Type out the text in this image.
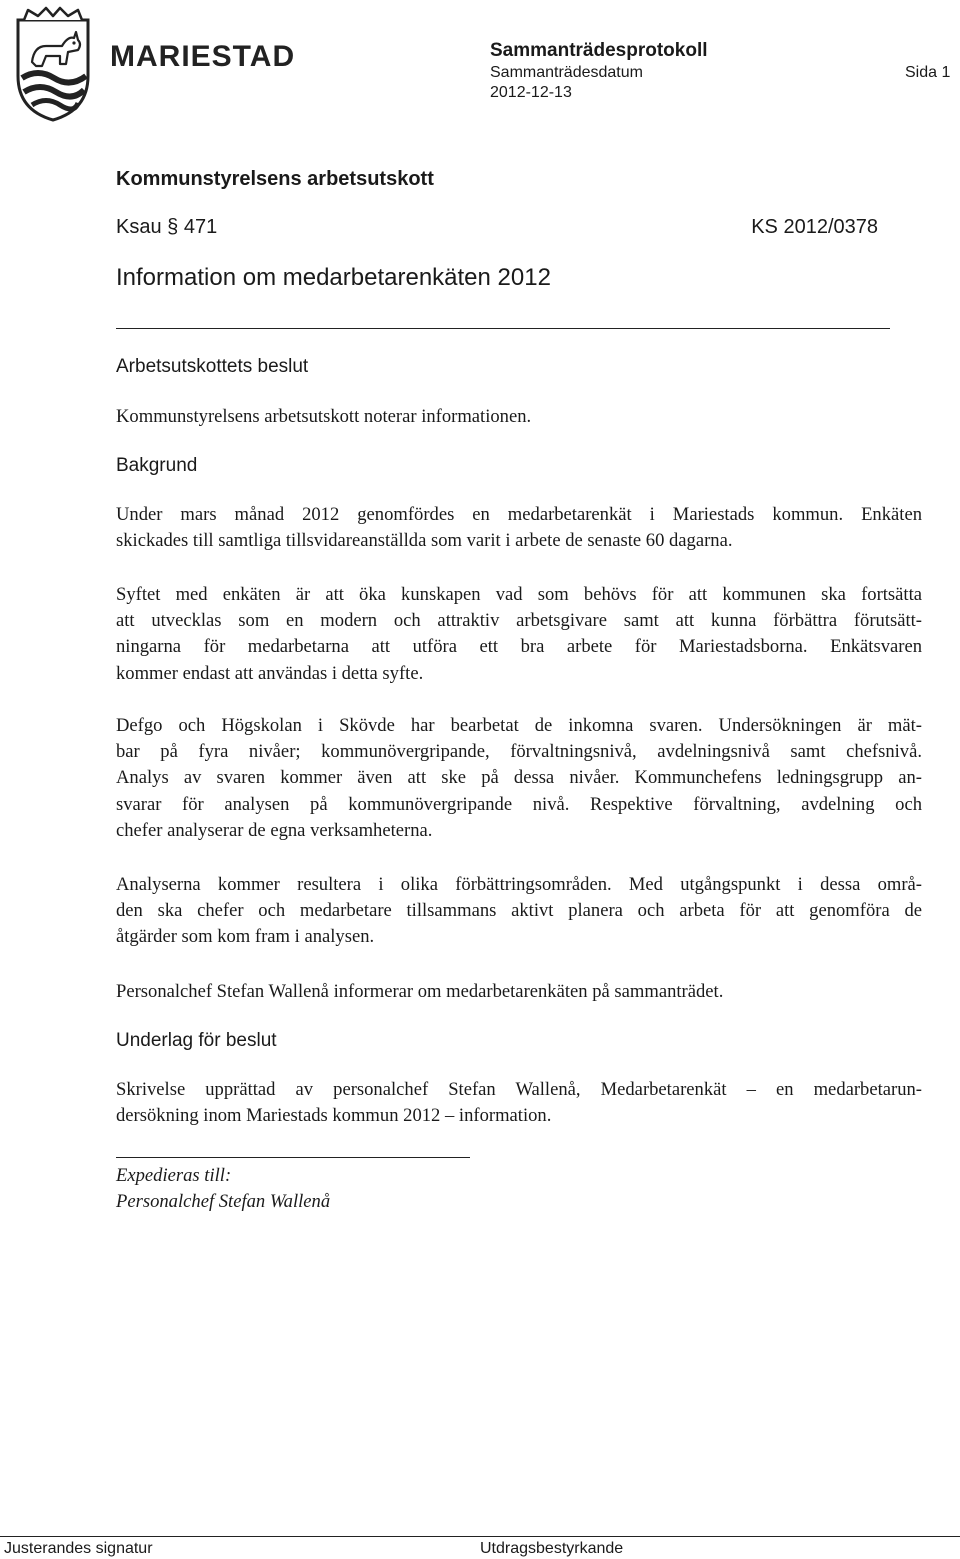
MARIESTAD	Sammanträdesprotokoll
Sammanträdesdatum
2012-12-13
Sida 1
Kommunstyrelsens arbetsutskott
Ksau § 471	KS 2012/0378
Information om medarbetarenkäten 2012
Arbetsutskottets beslut

Kommunstyrelsens arbetsutskott noterar informationen.

Bakgrund

Under mars månad 2012 genomfördes en medarbetarenkät i Mariestads kommun. Enkäten
skickades till samtliga tillsvidareanställda som varit i arbete de senaste 60 dagarna.

Syftet med enkäten är att öka kunskapen vad som behövs för att kommunen ska fortsätta
att utvecklas som en modern och attraktiv arbetsgivare samt att kunna förbättra förutsätt-
ningarna för medarbetarna att utföra ett bra arbete för Mariestadsborna. Enkätsvaren
kommer endast att användas i detta syfte.

Defgo och Högskolan i Skövde har bearbetat de inkomna svaren. Undersökningen är mät-
bar på fyra nivåer; kommunövergripande, förvaltningsnivå, avdelningsnivå samt chefsnivå.
Analys av svaren kommer även att ske på dessa nivåer. Kommunchefens ledningsgrupp an-
svarar för analysen på kommunövergripande nivå. Respektive förvaltning, avdelning och
chefer analyserar de egna verksamheterna.

Analyserna kommer resultera i olika förbättringsområden. Med utgångspunkt i dessa områ-
den ska chefer och medarbetare tillsammans aktivt planera och arbeta för att genomföra de
åtgärder som kom fram i analysen.

Personalchef Stefan Wallenå informerar om medarbetarenkäten på sammanträdet.

Underlag för beslut

Skrivelse upprättad av personalchef Stefan Wallenå, Medarbetarenkät – en medarbetarun-
dersökning inom Mariestads kommun 2012 – information.

Expedieras till:
Personalchef Stefan Wallenå
Justerandes signatur	Utdragsbestyrkande
